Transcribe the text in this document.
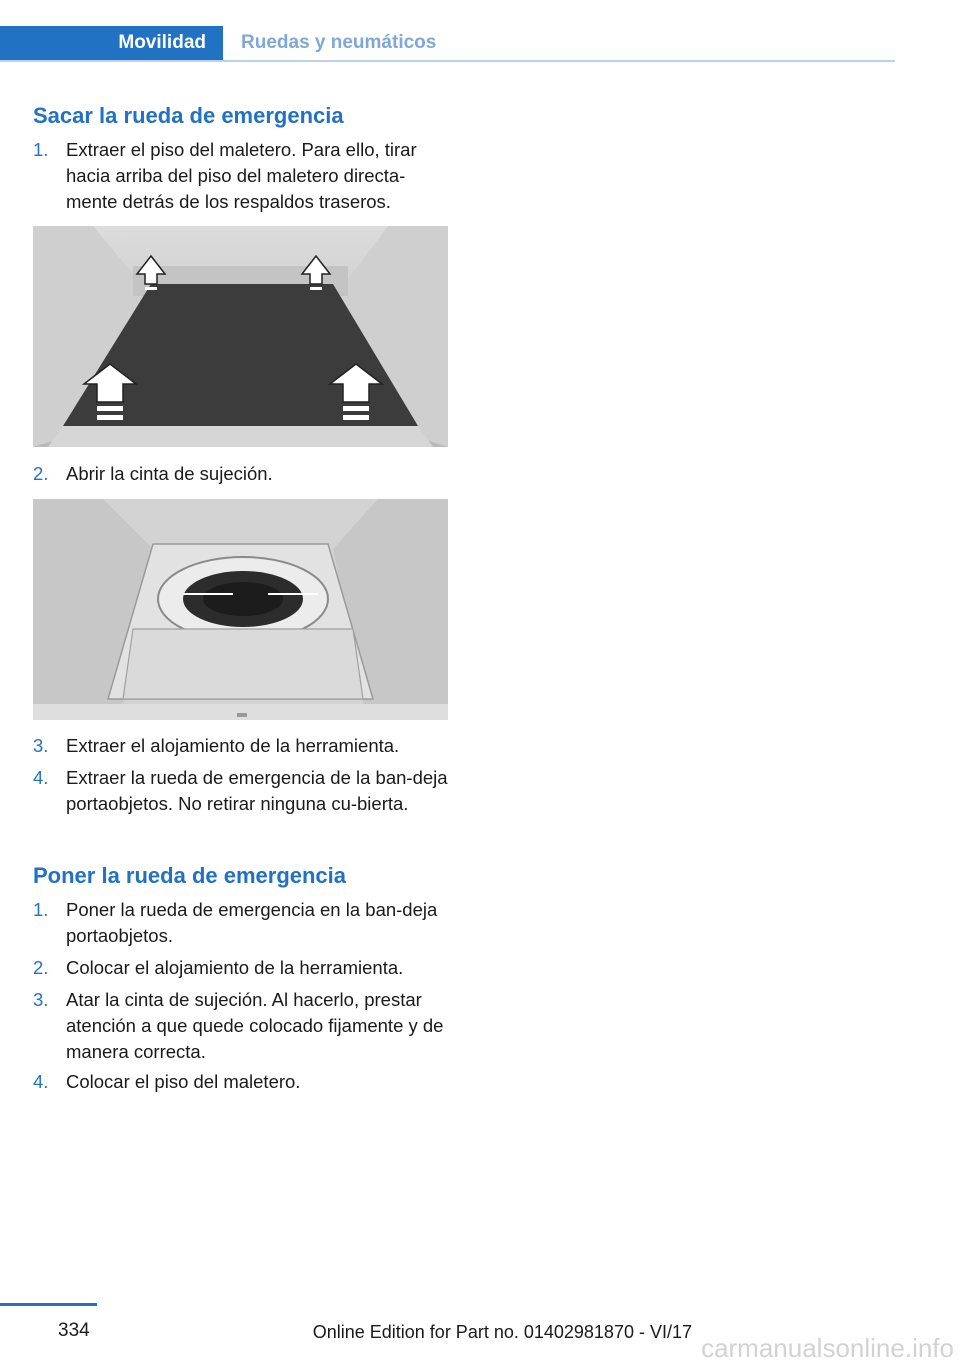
Movilidad	Ruedas y neumáticos
Sacar la rueda de emergencia
1. Extraer el piso del maletero. Para ello, tirar hacia arriba del piso del maletero directa‐mente detrás de los respaldos traseros.
2. Abrir la cinta de sujeción.
3. Extraer el alojamiento de la herramienta.
4. Extraer la rueda de emergencia de la ban‐deja portaobjetos. No retirar ninguna cu‐bierta.
Poner la rueda de emergencia
1. Poner la rueda de emergencia en la ban‐deja portaobjetos.
2. Colocar el alojamiento de la herramienta.
3. Atar la cinta de sujeción. Al hacerlo, prestar atención a que quede colocado fijamente y de manera correcta.
4. Colocar el piso del maletero.
334	Online Edition for Part no. 01402981870 - VI/17
carmanualsonline.info
